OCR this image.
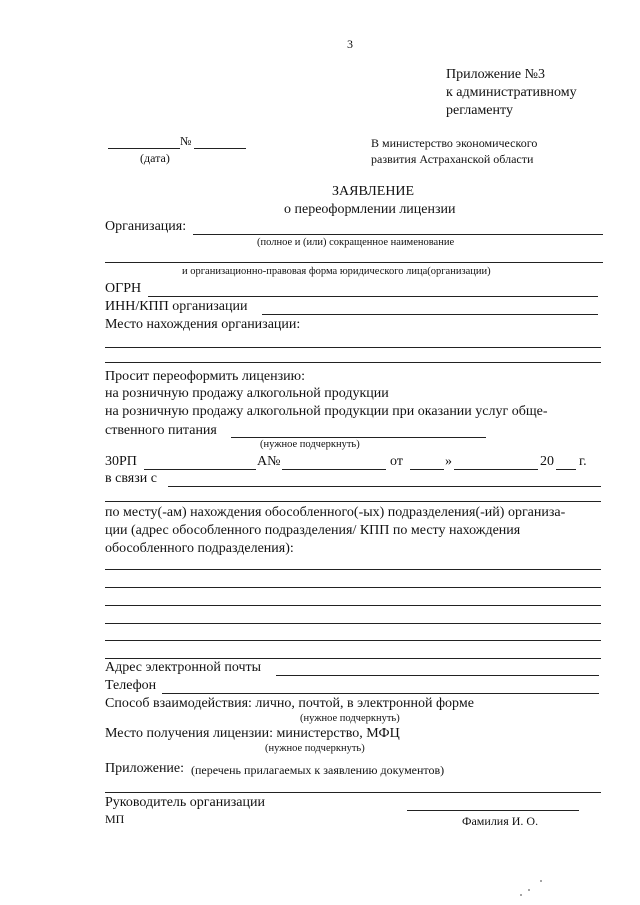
3
Приложение №3
к административному
регламенту
№
(дата)
В министерство экономического
развития Астраханской области
ЗАЯВЛЕНИЕ
о переоформлении лицензии
Организация:
(полное и (или) сокращенное наименование
и организационно-правовая форма юридического лица(организации)
ОГРН
ИНН/КПП организации
Место нахождения организации:
Просит переоформить лицензию:
на розничную продажу алкогольной продукции
на розничную продажу алкогольной продукции при оказании услуг обще-
ственного питания
(нужное подчеркнуть)
30РП	А№	от	»	20 г.
в связи с
по месту(-ам) нахождения обособленного(-ых) подразделения(-ий) организа-
ции (адрес обособленного подразделения/ КПП по месту нахождения
обособленного подразделения):
Адрес электронной почты
Телефон
Способ взаимодействия: лично, почтой, в электронной форме
(нужное подчеркнуть)
Место получения лицензии: министерство, МФЦ
(нужное подчеркнуть)
Приложение: (перечень прилагаемых к заявлению документов)
Руководитель организации
МП	Фамилия И. О.
